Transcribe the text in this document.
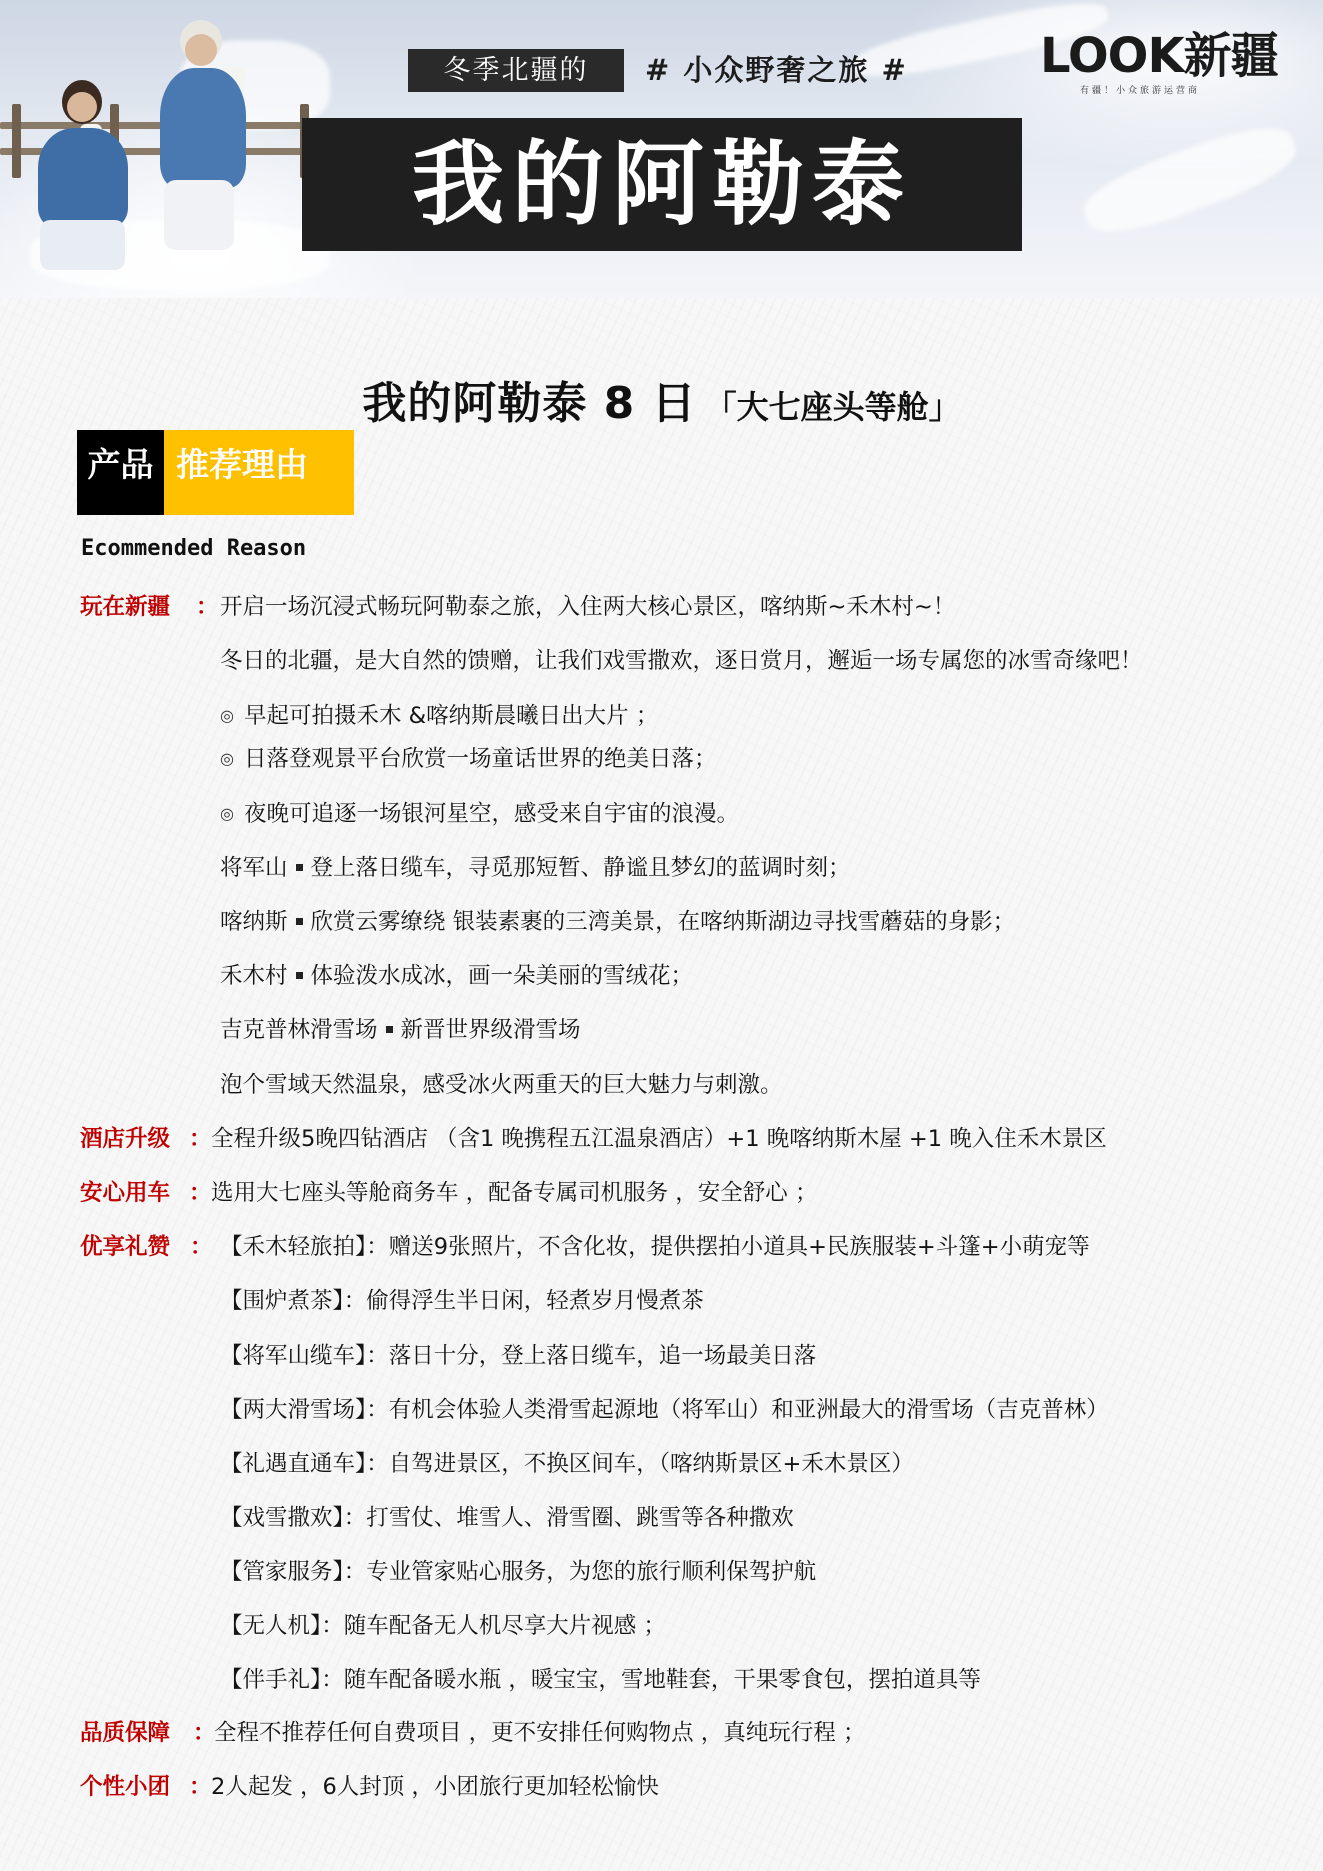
冬季北疆的	# 小众野奢之旅 #
我的阿勒泰
LOOK新疆
有疆！小众旅游运营商
我的阿勒泰 8 日 「大七座头等舱」
产品 推荐理由
Ecommended Reason
玩在新疆 ： 开启一场沉浸式畅玩阿勒泰之旅，入住两大核心景区，喀纳斯~禾木村~！
冬日的北疆，是大自然的馈赠，让我们戏雪撒欢，逐日赏月，邂逅一场专属您的冰雪奇缘吧！
◎ 早起可拍摄禾木 &喀纳斯晨曦日出大片 ；
◎ 日落登观景平台欣赏一场童话世界的绝美日落；
◎ 夜晚可追逐一场银河星空，感受来自宇宙的浪漫。
将军山 登上落日缆车，寻觅那短暂、静谧且梦幻的蓝调时刻；
喀纳斯 欣赏云雾缭绕 银装素裹的三湾美景，在喀纳斯湖边寻找雪蘑菇的身影；
禾木村 体验泼水成冰，画一朵美丽的雪绒花；
吉克普林滑雪场 新晋世界级滑雪场
泡个雪域天然温泉，感受冰火两重天的巨大魅力与刺激。
酒店升级 ： 全程升级5晚四钻酒店 （含1 晚携程五江温泉酒店）+1 晚喀纳斯木屋 +1 晚入住禾木景区
安心用车 ： 选用大七座头等舱商务车 ，配备专属司机服务 ，安全舒心 ；
优享礼赞 ： 【禾木轻旅拍】：赠送9张照片，不含化妆，提供摆拍小道具+民族服装+斗篷+小萌宠等
【围炉煮茶】：偷得浮生半日闲，轻煮岁月慢煮茶
【将军山缆车】：落日十分，登上落日缆车，追一场最美日落
【两大滑雪场】：有机会体验人类滑雪起源地（将军山）和亚洲最大的滑雪场（吉克普林）
【礼遇直通车】：自驾进景区，不换区间车，（喀纳斯景区+禾木景区）
【戏雪撒欢】：打雪仗、堆雪人、滑雪圈、跳雪等各种撒欢
【管家服务】：专业管家贴心服务，为您的旅行顺利保驾护航
【无人机】：随车配备无人机尽享大片视感 ；
【伴手礼】：随车配备暖水瓶 ，暖宝宝，雪地鞋套，干果零食包，摆拍道具等
品质保障 ：
全程不推荐任何自费项目 ，更不安排任何购物点 ，真纯玩行程 ；
个性小团 ： 2人起发 ，6人封顶 ，小团旅行更加轻松愉快
